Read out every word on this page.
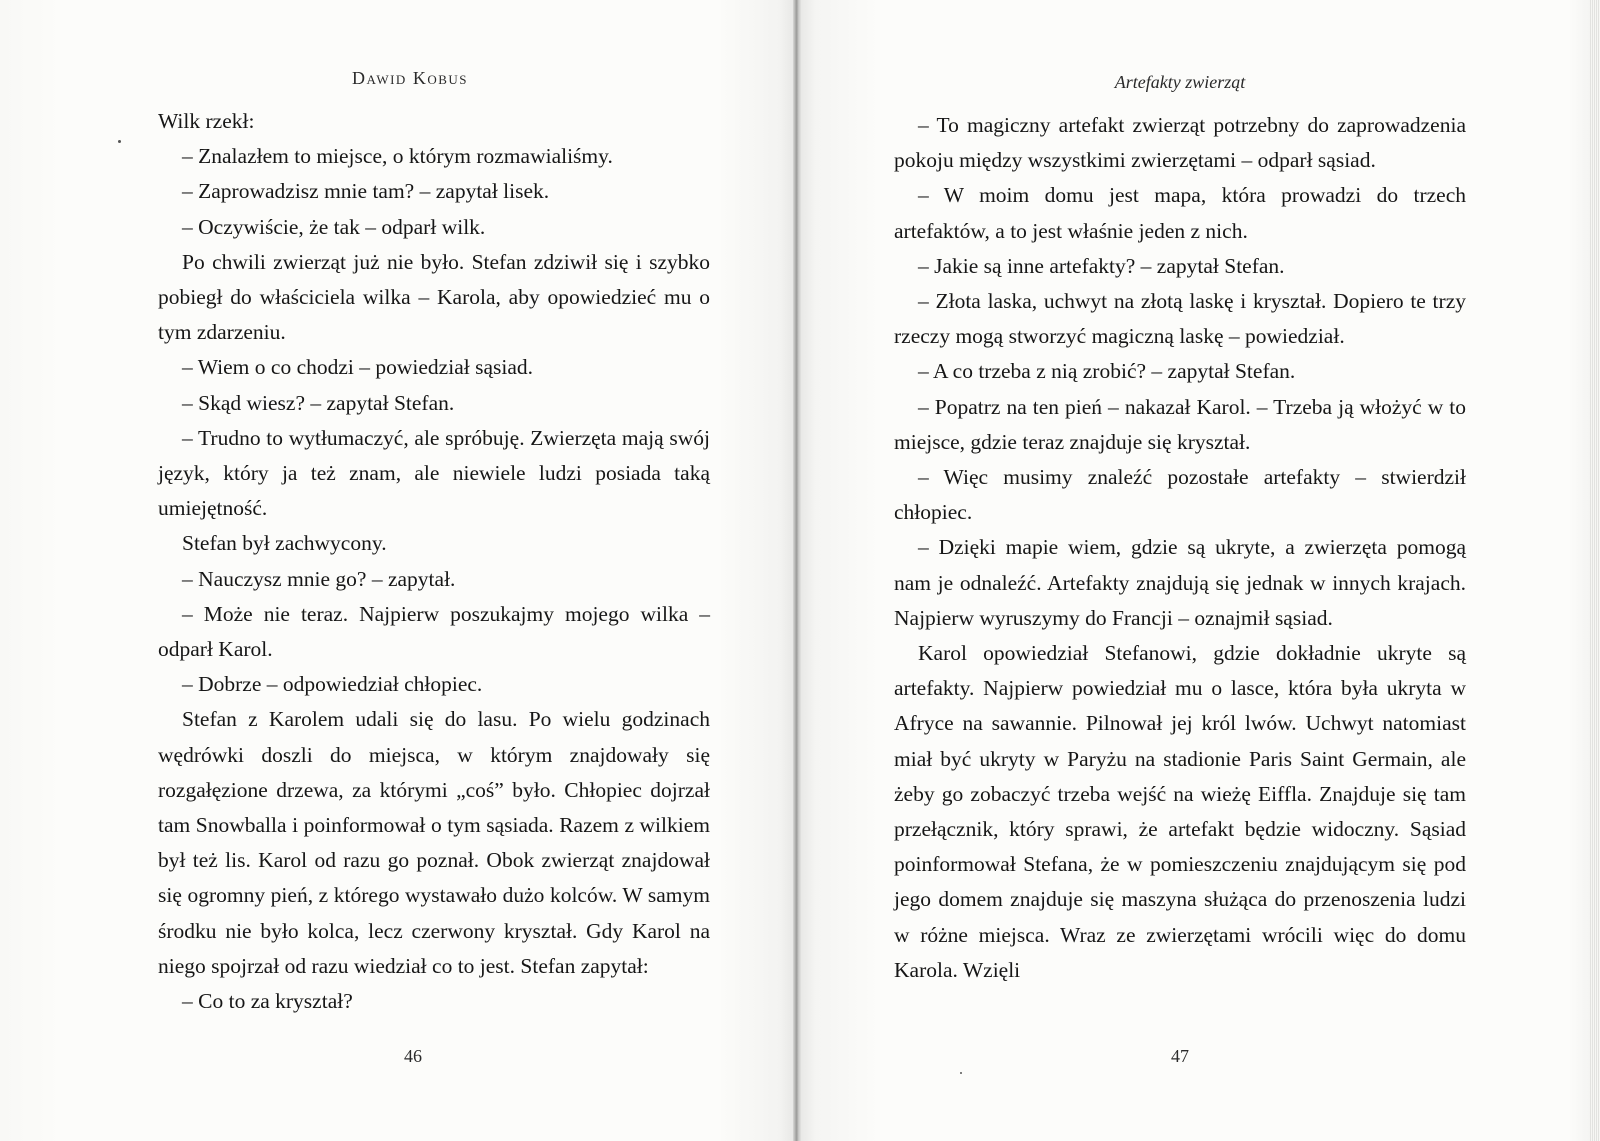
Dawid Kobus

Wilk rzekł:

– Znalazłem to miejsce, o którym rozmawialiśmy.

– Zaprowadzisz mnie tam? – zapytał lisek.

– Oczywiście, że tak – odparł wilk.

Po chwili zwierząt już nie było. Stefan zdziwił się i szybko pobiegł do właściciela wilka – Karola, aby opowiedzieć mu o tym zdarzeniu.

– Wiem o co chodzi – powiedział sąsiad.

– Skąd wiesz? – zapytał Stefan.

– Trudno to wytłumaczyć, ale spróbuję. Zwierzęta mają swój język, który ja też znam, ale niewiele ludzi posiada taką umiejętność.

Stefan był zachwycony.

– Nauczysz mnie go? – zapytał.

– Może nie teraz. Najpierw poszukajmy mojego wilka – odparł Karol.

– Dobrze – odpowiedział chłopiec.

Stefan z Karolem udali się do lasu. Po wielu godzinach wędrówki doszli do miejsca, w którym znajdowały się rozgałęzione drzewa, za którymi „coś” było. Chłopiec dojrzał tam Snowballa i poinformował o tym sąsiada. Razem z wilkiem był też lis. Karol od razu go poznał. Obok zwierząt znajdował się ogromny pień, z którego wystawało dużo kolców. W samym środku nie było kolca, lecz czerwony kryształ. Gdy Karol na niego spojrzał od razu wiedział co to jest. Stefan zapytał:

– Co to za kryształ?

46
Artefakty zwierząt

– To magiczny artefakt zwierząt potrzebny do zaprowadzenia pokoju między wszystkimi zwierzętami – odparł sąsiad.

– W moim domu jest mapa, która prowadzi do trzech artefaktów, a to jest właśnie jeden z nich.

– Jakie są inne artefakty? – zapytał Stefan.

– Złota laska, uchwyt na złotą laskę i kryształ. Dopiero te trzy rzeczy mogą stworzyć magiczną laskę – powiedział.

– A co trzeba z nią zrobić? – zapytał Stefan.

– Popatrz na ten pień – nakazał Karol. – Trzeba ją włożyć w to miejsce, gdzie teraz znajduje się kryształ.

– Więc musimy znaleźć pozostałe artefakty – stwierdził chłopiec.

– Dzięki mapie wiem, gdzie są ukryte, a zwierzęta pomogą nam je odnaleźć. Artefakty znajdują się jednak w innych krajach. Najpierw wyruszymy do Francji – oznajmił sąsiad.

Karol opowiedział Stefanowi, gdzie dokładnie ukryte są artefakty. Najpierw powiedział mu o lasce, która była ukryta w Afryce na sawannie. Pilnował jej król lwów. Uchwyt natomiast miał być ukryty w Paryżu na stadionie Paris Saint Germain, ale żeby go zobaczyć trzeba wejść na wieżę Eiffla. Znajduje się tam przełącznik, który sprawi, że artefakt będzie widoczny. Sąsiad poinformował Stefana, że w pomieszczeniu znajdującym się pod jego domem znajduje się maszyna służąca do przenoszenia ludzi w różne miejsca. Wraz ze zwierzętami wrócili więc do domu Karola. Wzięli

47
